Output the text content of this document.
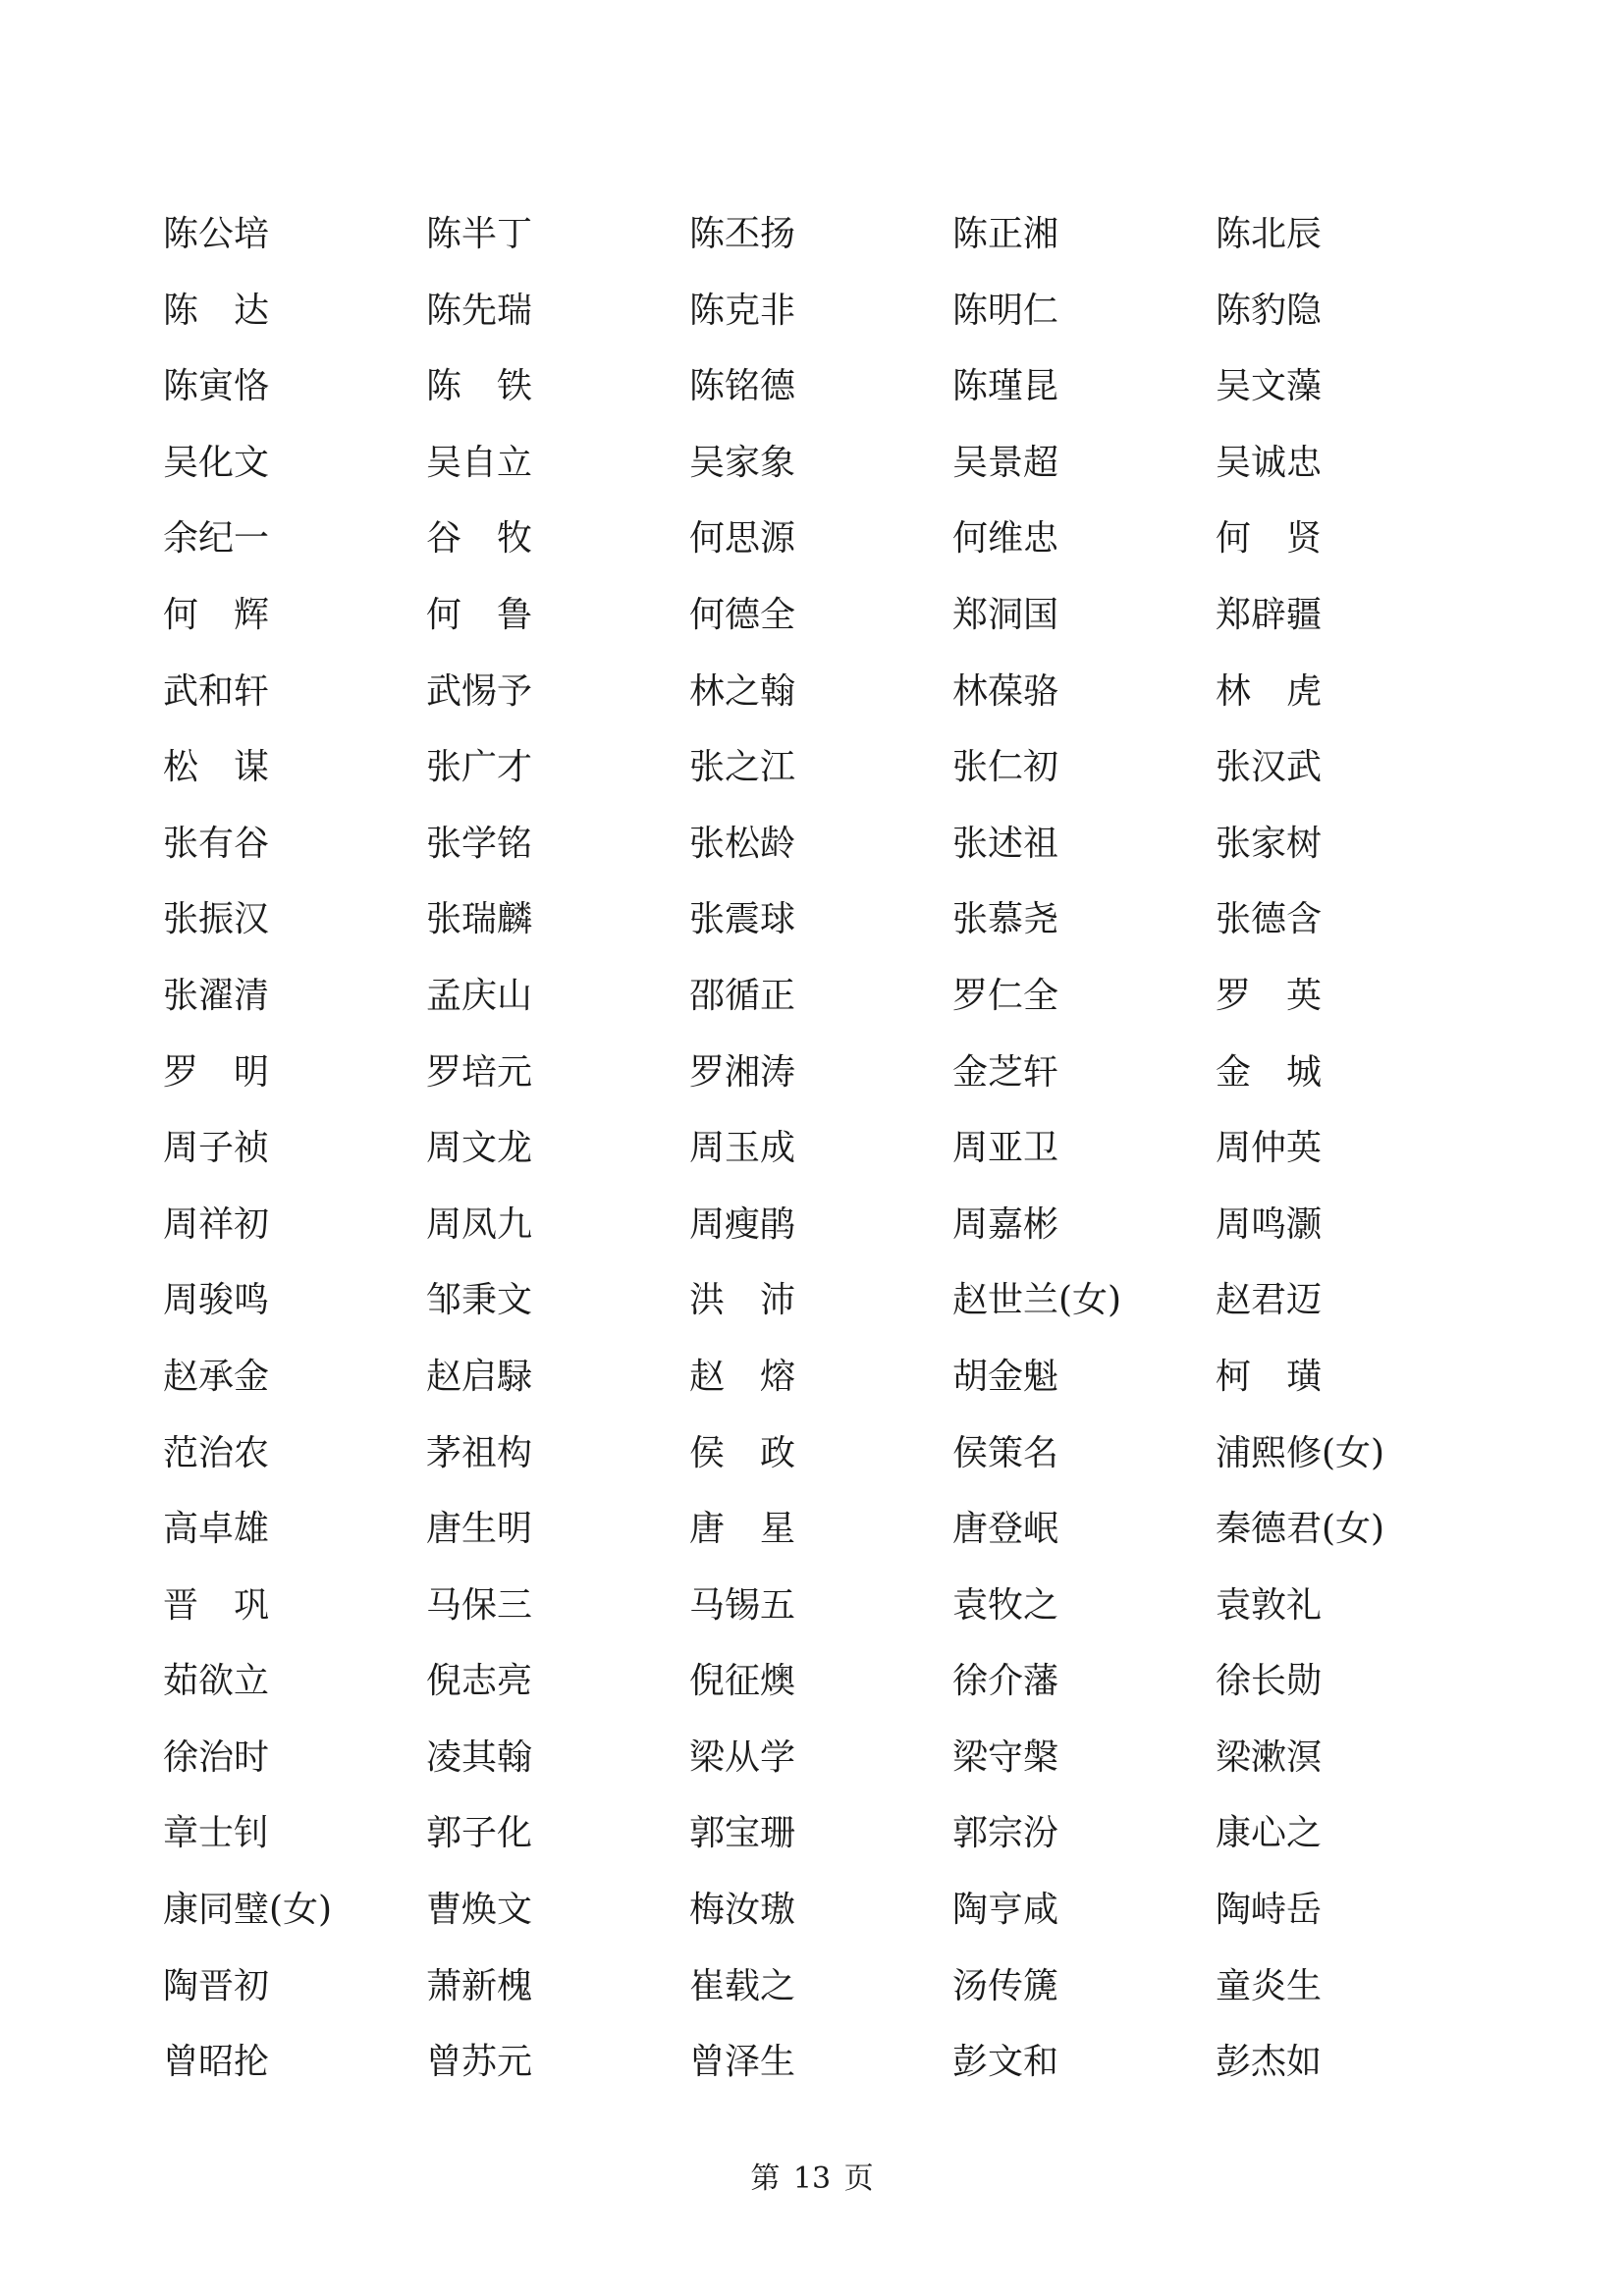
陈公培	陈半丁	陈丕扬	陈正湘	陈北辰
陈　达	陈先瑞	陈克非	陈明仁	陈豹隐
陈寅恪	陈　铁	陈铭德	陈瑾昆	吴文藻
吴化文	吴自立	吴家象	吴景超	吴诚忠
余纪一	谷　牧	何思源	何维忠	何　贤
何　辉	何　鲁	何德全	郑洞国	郑辟疆
武和轩	武惕予	林之翰	林葆骆	林　虎
松　谋	张广才	张之江	张仁初	张汉武
张有谷	张学铭	张松龄	张述祖	张家树
张振汉	张瑞麟	张震球	张慕尧	张德含
张濯清	孟庆山	邵循正	罗仁全	罗　英
罗　明	罗培元	罗湘涛	金芝轩	金　城
周子祯	周文龙	周玉成	周亚卫	周仲英
周祥初	周凤九	周瘦鹃	周嘉彬	周鸣灏
周骏鸣	邹秉文	洪　沛	赵世兰(女)	赵君迈
赵承金	赵启騄	赵　熔	胡金魁	柯　璜
范治农	茅祖构	侯　政	侯策名	浦熙修(女)
高卓雄	唐生明	唐　星	唐登岷	秦德君(女)
晋　巩	马保三	马锡五	袁牧之	袁敦礼
茹欲立	倪志亮	倪征燠	徐介藩	徐长勋
徐治时	凌其翰	梁从学	梁守槃	梁漱溟
章士钊	郭子化	郭宝珊	郭宗汾	康心之
康同璧(女)	曹焕文	梅汝璈	陶亨咸	陶峙岳
陶晋初	萧新槐	崔载之	汤传篪	童炎生
曾昭抡	曾苏元	曾泽生	彭文和	彭杰如
第 13 页
